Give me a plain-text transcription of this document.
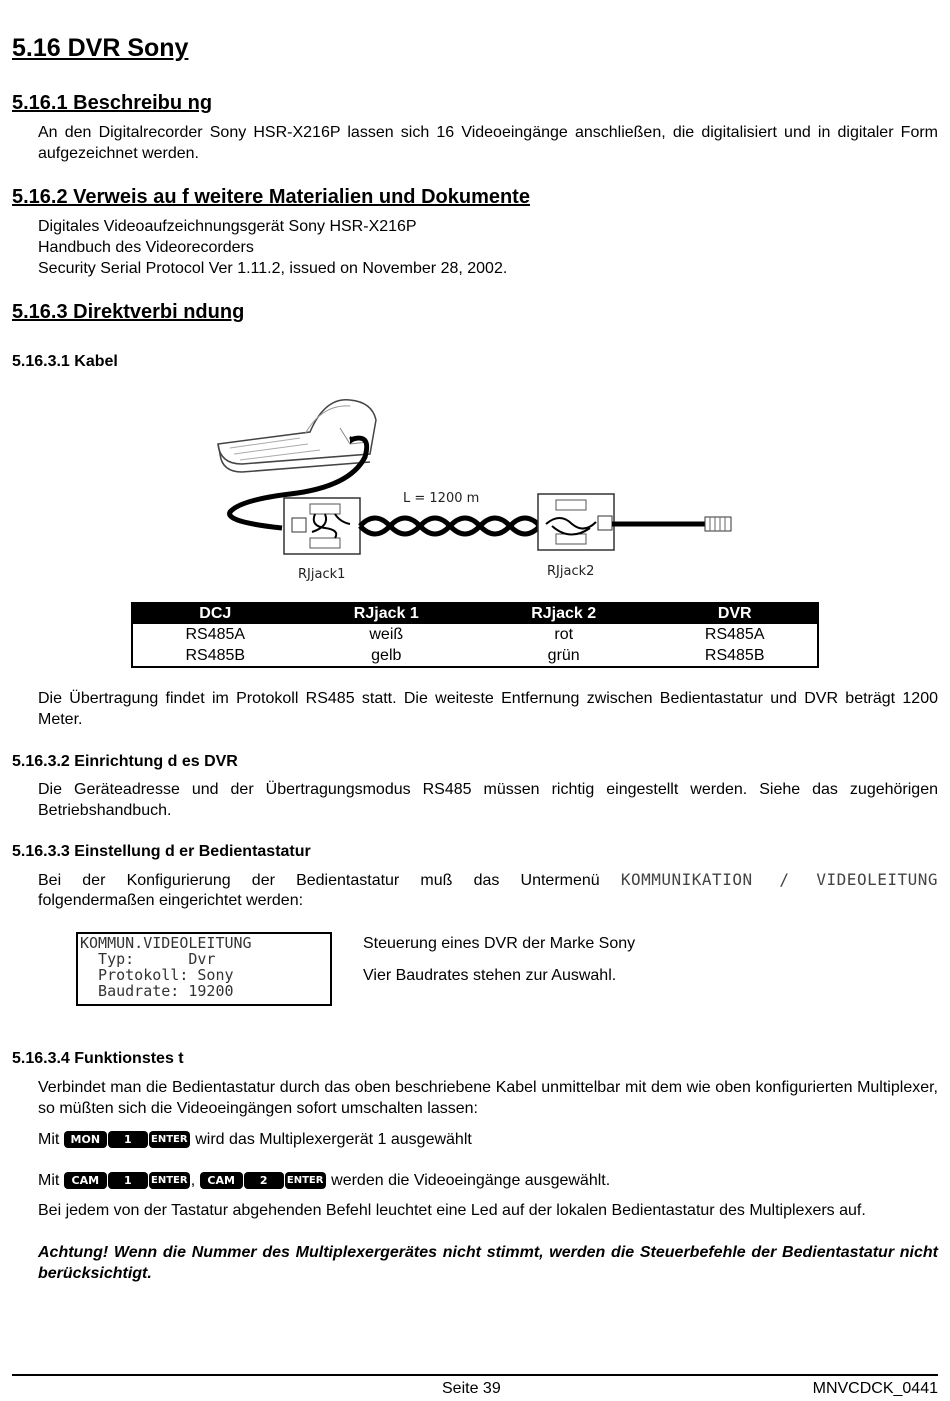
5.16 DVR Sony
5.16.1 Beschreibu ng
An den Digitalrecorder Sony HSR-X216P lassen sich 16 Videoeingänge anschließen, die digitalisiert und in digitaler Form aufgezeichnet werden.
5.16.2 Verweis au f weitere Materialien und Dokumente
Digitales Videoaufzeichnungsgerät Sony HSR-X216P
Handbuch des Videorecorders
Security Serial Protocol Ver 1.11.2, issued on November 28, 2002.
5.16.3 Direktverbi ndung
5.16.3.1 Kabel
L = 1200 m
RJjack1	RJjack2
DCJ	RJjack 1	RJjack 2	DVR
RS485A	weiß	rot	RS485A
RS485B	gelb	grün	RS485B
Die Übertragung findet im Protokoll RS485 statt. Die weiteste Entfernung zwischen Bedientastatur und DVR beträgt 1200 Meter.
5.16.3.2 Einrichtung d es DVR
Die Geräteadresse und der Übertragungsmodus RS485 müssen richtig eingestellt werden. Siehe das zugehörigen Betriebshandbuch.
5.16.3.3 Einstellung d er Bedientastatur
Bei der Konfigurierung der Bedientastatur muß das Untermenü KOMMUNIKATION / VIDEOLEITUNG
folgendermaßen eingerichtet werden:
KOMMUN.VIDEOLEITUNG
Typ:      Dvr
Protokoll: Sony
Baudrate: 19200
Steuerung eines DVR der Marke Sony
Vier Baudrates stehen zur Auswahl.
5.16.3.4 Funktionstes t
Verbindet man die Bedientastatur durch das oben beschriebene Kabel unmittelbar mit dem wie oben konfigurierten Multiplexer, so müßten sich die Videoeingängen sofort umschalten lassen:
Mit MON 1 ENTER wird das Multiplexergerät 1 ausgewählt
Mit CAM 1 ENTER , CAM 2 ENTER werden die Videoeingänge ausgewählt.
Bei jedem von der Tastatur abgehenden Befehl leuchtet eine Led auf der lokalen Bedientastatur des Multiplexers auf.
Achtung! Wenn die Nummer des Multiplexergerätes nicht stimmt, werden die Steuerbefehle der Bedientastatur nicht berücksichtigt.
Seite 39	MNVCDCK_0441
